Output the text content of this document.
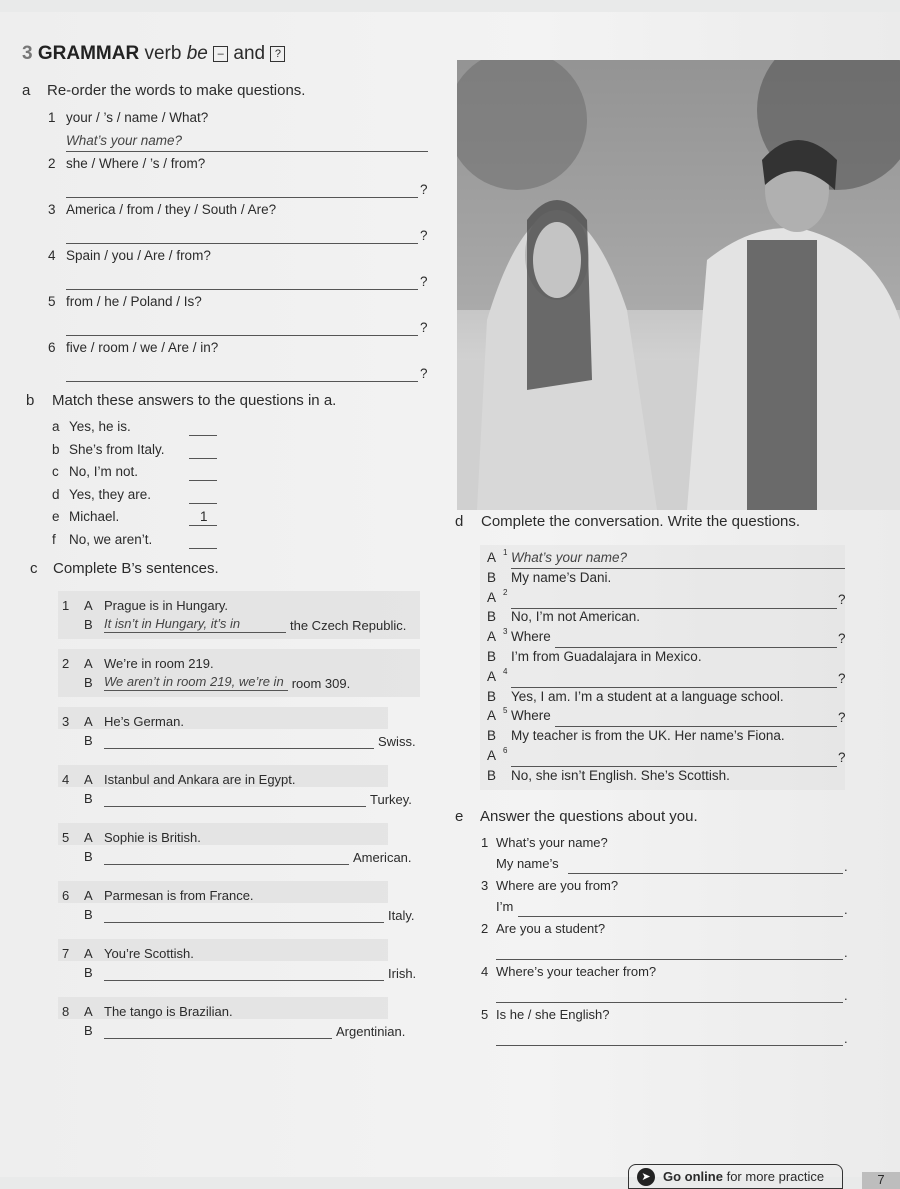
3 GRAMMAR verb be – and ?
a Re-order the words to make questions.
1 your / ’s / name / What?
What’s your name?
2 she / Where / ’s / from?
?
3 America / from / they / South / Are?
?
4 Spain / you / Are / from?
?
5 from / he / Poland / Is?
?
6 five / room / we / Are / in?
?
b Match these answers to the questions in a.
a Yes, he is.
b She’s from Italy.
c No, I’m not.
d Yes, they are.
e Michael.	1
f No, we aren’t.
c Complete B’s sentences.
1 A Prague is in Hungary.
B It isn’t in Hungary, it’s in	the Czech Republic.
2 A We’re in room 219.
B We aren’t in room 219, we’re in room 309.
3 A He’s German.
B	Swiss.
4 A Istanbul and Ankara are in Egypt.
B	Turkey.
5 A Sophie is British.
B	American.
6 A Parmesan is from France.
B	Italy.
7 A You’re Scottish.
B	Irish.
8 A The tango is Brazilian.
B	Argentinian.
d Complete the conversation. Write the questions.
A 1 What’s your name?
B My name’s Dani.
A 2	?
B No, I’m not American.
A 3 Where	?
B I’m from Guadalajara in Mexico.
A 4	?
B Yes, I am. I’m a student at a language school.
A 5 Where	?
B My teacher is from the UK. Her name’s Fiona.
A 6	?
B No, she isn’t English. She’s Scottish.
e Answer the questions about you.
1 What’s your name?
My name’s	.
3 Where are you from?
I’m	.
2 Are you a student?
.
4 Where’s your teacher from?
.
5 Is he / she English?
.
➤ Go online for more practice	7
